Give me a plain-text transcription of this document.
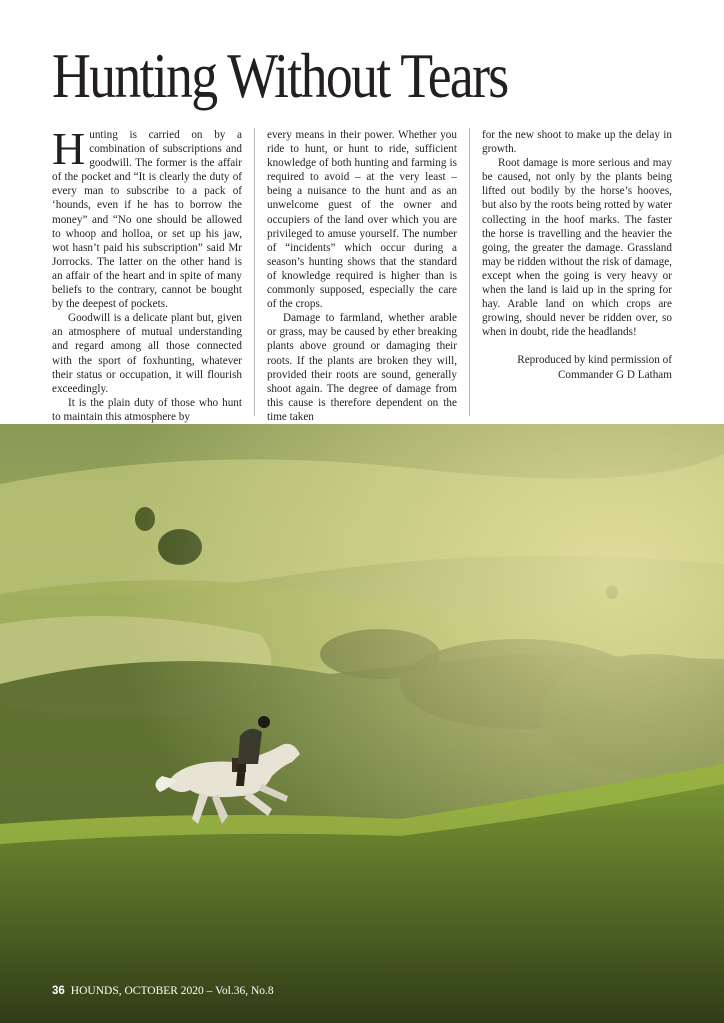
Hunting Without Tears

Hunting is carried on by a combination of subscriptions and goodwill. The former is the affair of the pocket and “It is clearly the duty of every man to subscribe to a pack of ‘hounds, even if he has to borrow the money” and “No one should be allowed to whoop and holloa, or set up his jaw, wot hasn’t paid his subscription” said Mr Jorrocks. The latter on the other hand is an affair of the heart and in spite of many beliefs to the contrary, cannot be bought by the deepest of pockets.

Goodwill is a delicate plant but, given an atmosphere of mutual understanding and regard among all those connected with the sport of foxhunting, whatever their status or occupation, it will flourish exceedingly.

It is the plain duty of those who hunt to maintain this atmosphere by

every means in their power. Whether you ride to hunt, or hunt to ride, sufficient knowledge of both hunting and farming is required to avoid – at the very least – being a nuisance to the hunt and as an unwelcome guest of the owner and occupiers of the land over which you are privileged to amuse yourself. The number of “incidents” which occur during a season’s hunting shows that the standard of knowledge required is higher than is commonly supposed, especially the care of the crops.

Damage to farmland, whether arable or grass, may be caused by ether breaking plants above ground or damaging their roots. If the plants are broken they will, provided their roots are sound, generally shoot again. The degree of damage from this cause is therefore dependent on the time taken

for the new shoot to make up the delay in growth.

Root damage is more serious and may be caused, not only by the plants being lifted out bodily by the horse’s hooves, but also by the roots being rotted by water collecting in the hoof marks. The faster the horse is travelling and the heavier the going, the greater the damage. Grassland may be ridden without the risk of damage, except when the going is very heavy or when the land is laid up in the spring for hay. Arable land on which crops are growing, should never be ridden over, so when in doubt, ride the headlands!

Reproduced by kind permission of
Commander G D Latham

36 HOUNDS, OCTOBER 2020 – Vol.36, No.8
